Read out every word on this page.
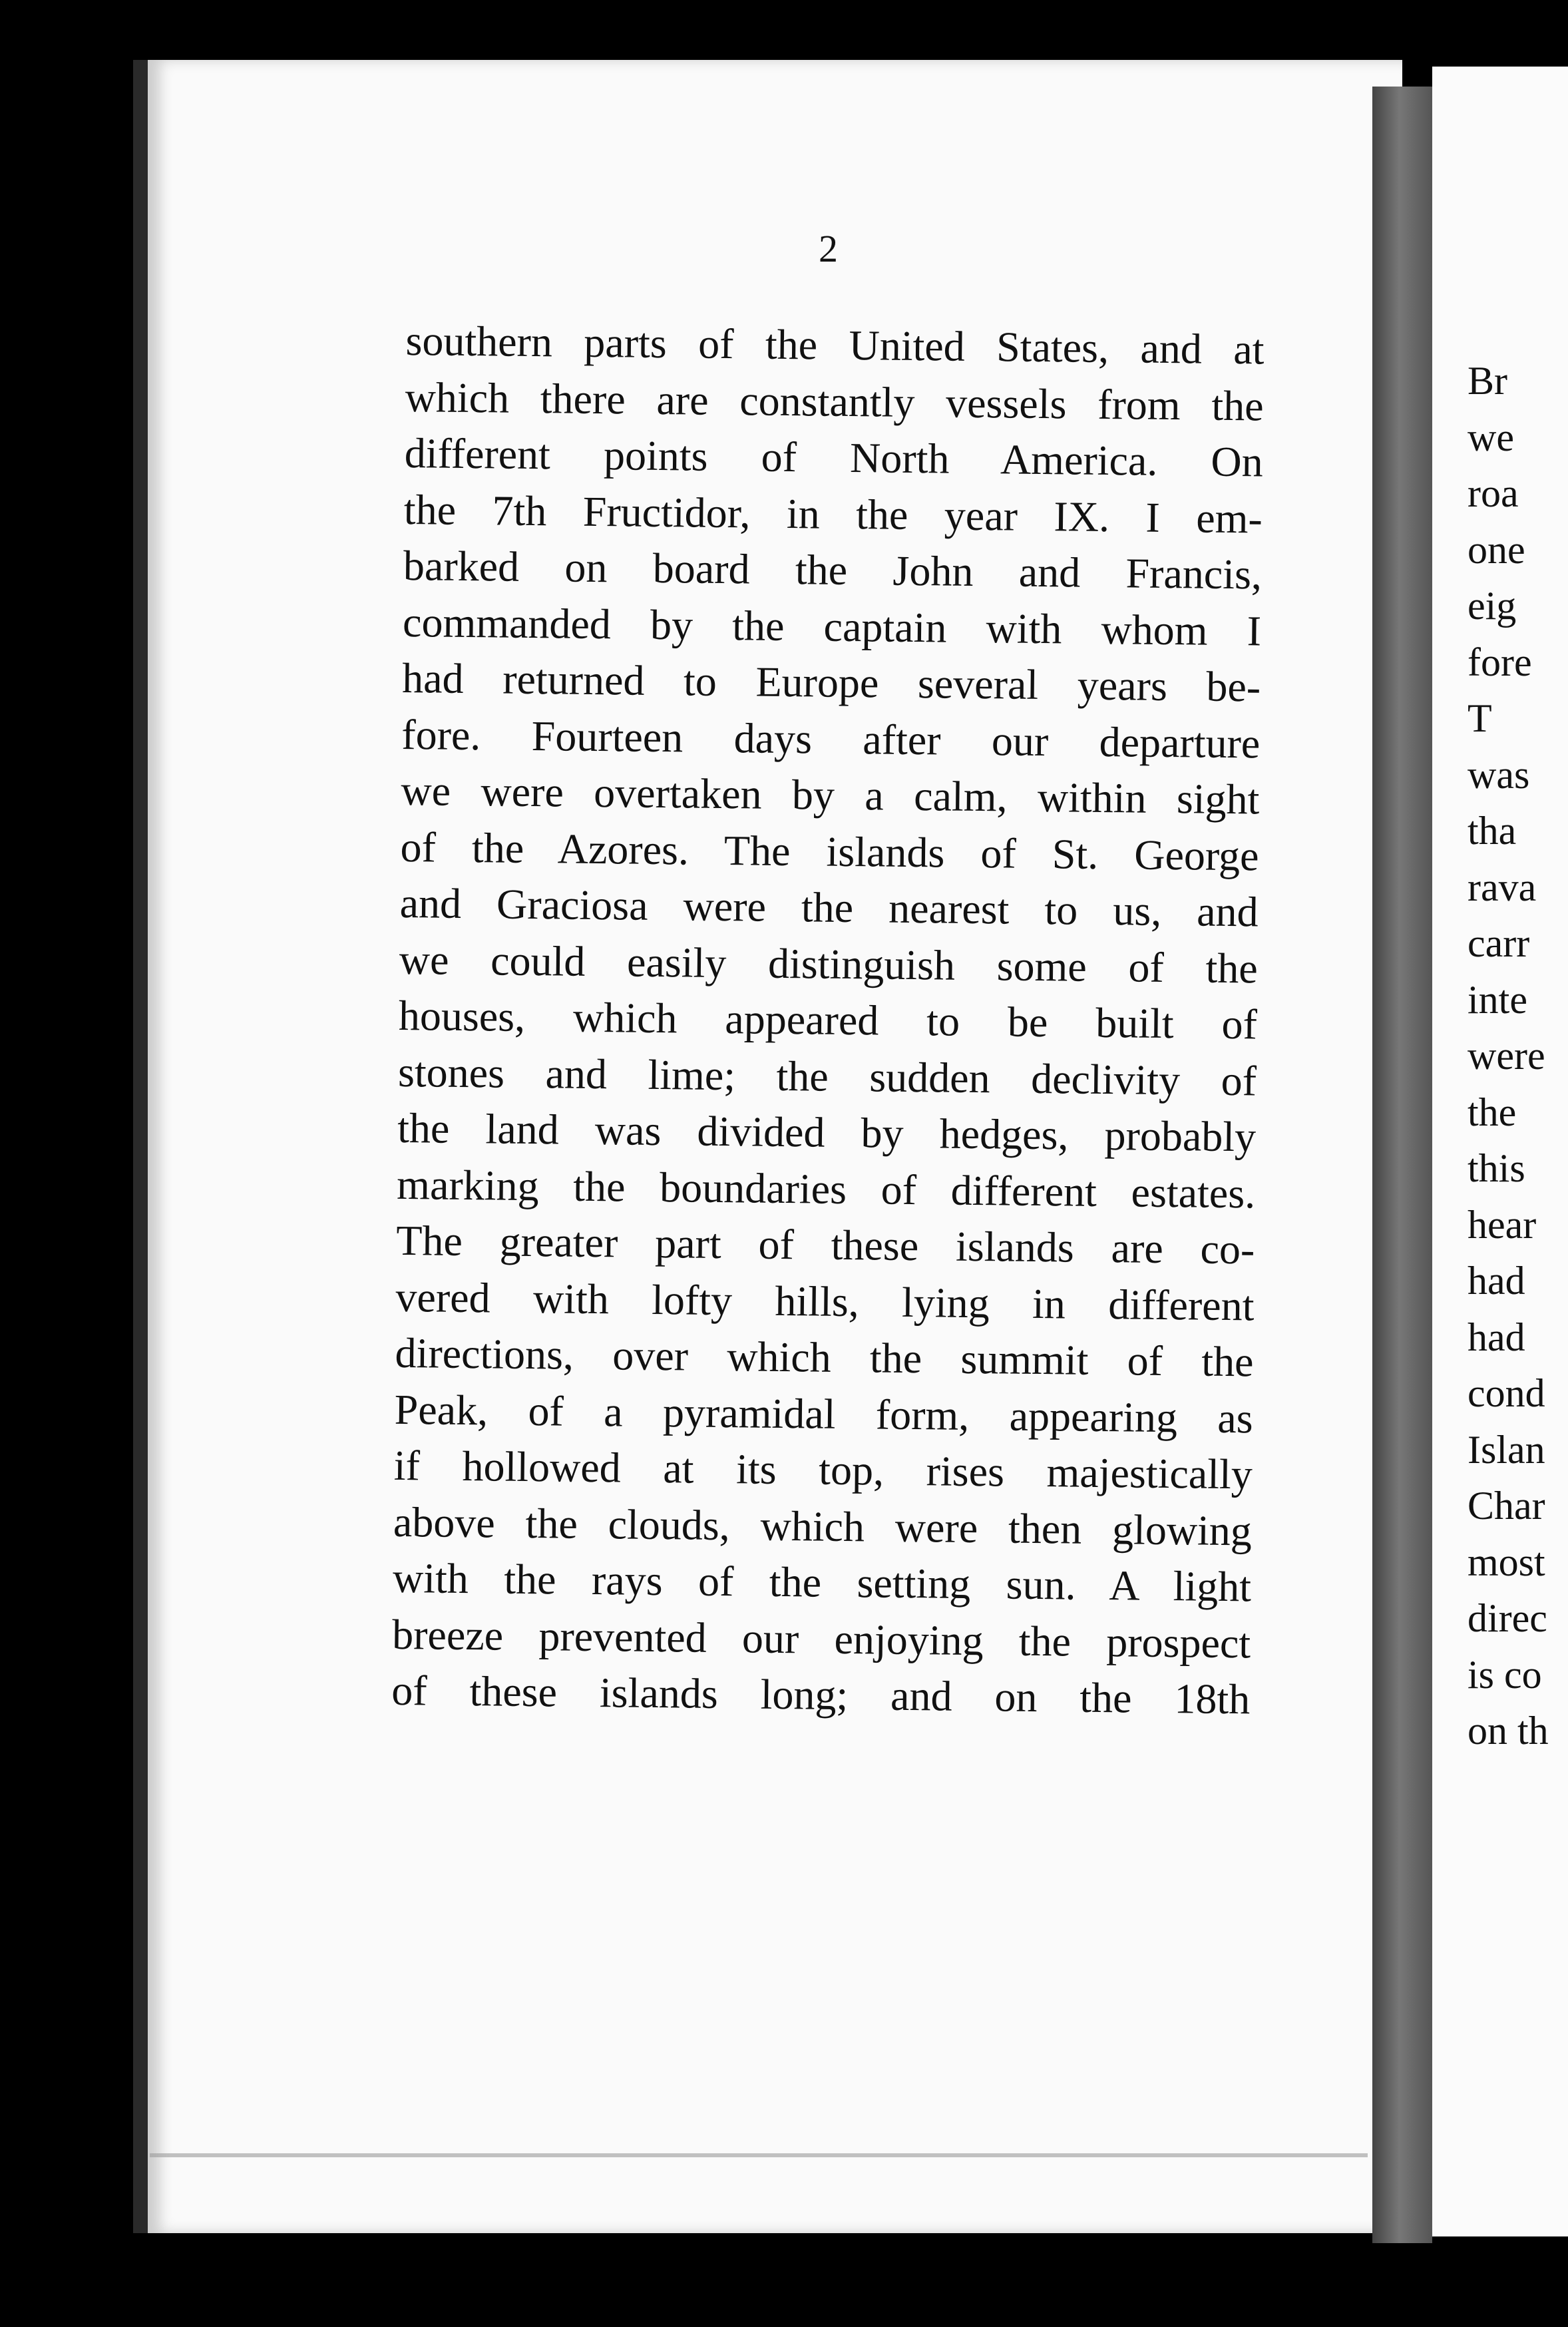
2
southern parts of the United States, and at
which there are constantly vessels from the
different points of North America. On
the 7th Fructidor, in the year IX. I em-
barked on board the John and Francis,
commanded by the captain with whom I
had returned to Europe several years be-
fore. Fourteen days after our departure
we were overtaken by a calm, within sight
of the Azores. The islands of St. George
and Graciosa were the nearest to us, and
we could easily distinguish some of the
houses, which appeared to be built of
stones and lime; the sudden declivity of
the land was divided by hedges, probably
marking the boundaries of different estates.
The greater part of these islands are co-
vered with lofty hills, lying in different
directions, over which the summit of the
Peak, of a pyramidal form, appearing as
if hollowed at its top, rises majestically
above the clouds, which were then glowing
with the rays of the setting sun. A light
breeze prevented our enjoying the prospect
of these islands long; and on the 18th
Br
we
roa
one
eig
fore
T
was
tha
rava
carr
inte
were
the
this
hear
had
had
cond
Islan
Char
most
direc
is co
on th
